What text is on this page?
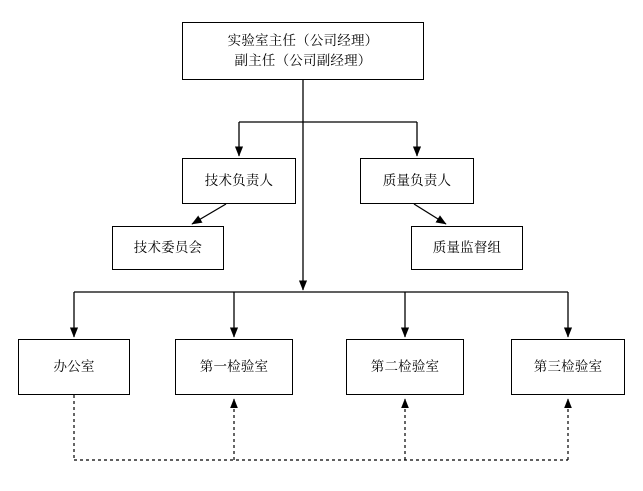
实验室主任（公司经理）
副主任（公司副经理）
技术负责人	质量负责人
技术委员会	质量监督组
办公室	第一检验室	第二检验室	第三检验室
